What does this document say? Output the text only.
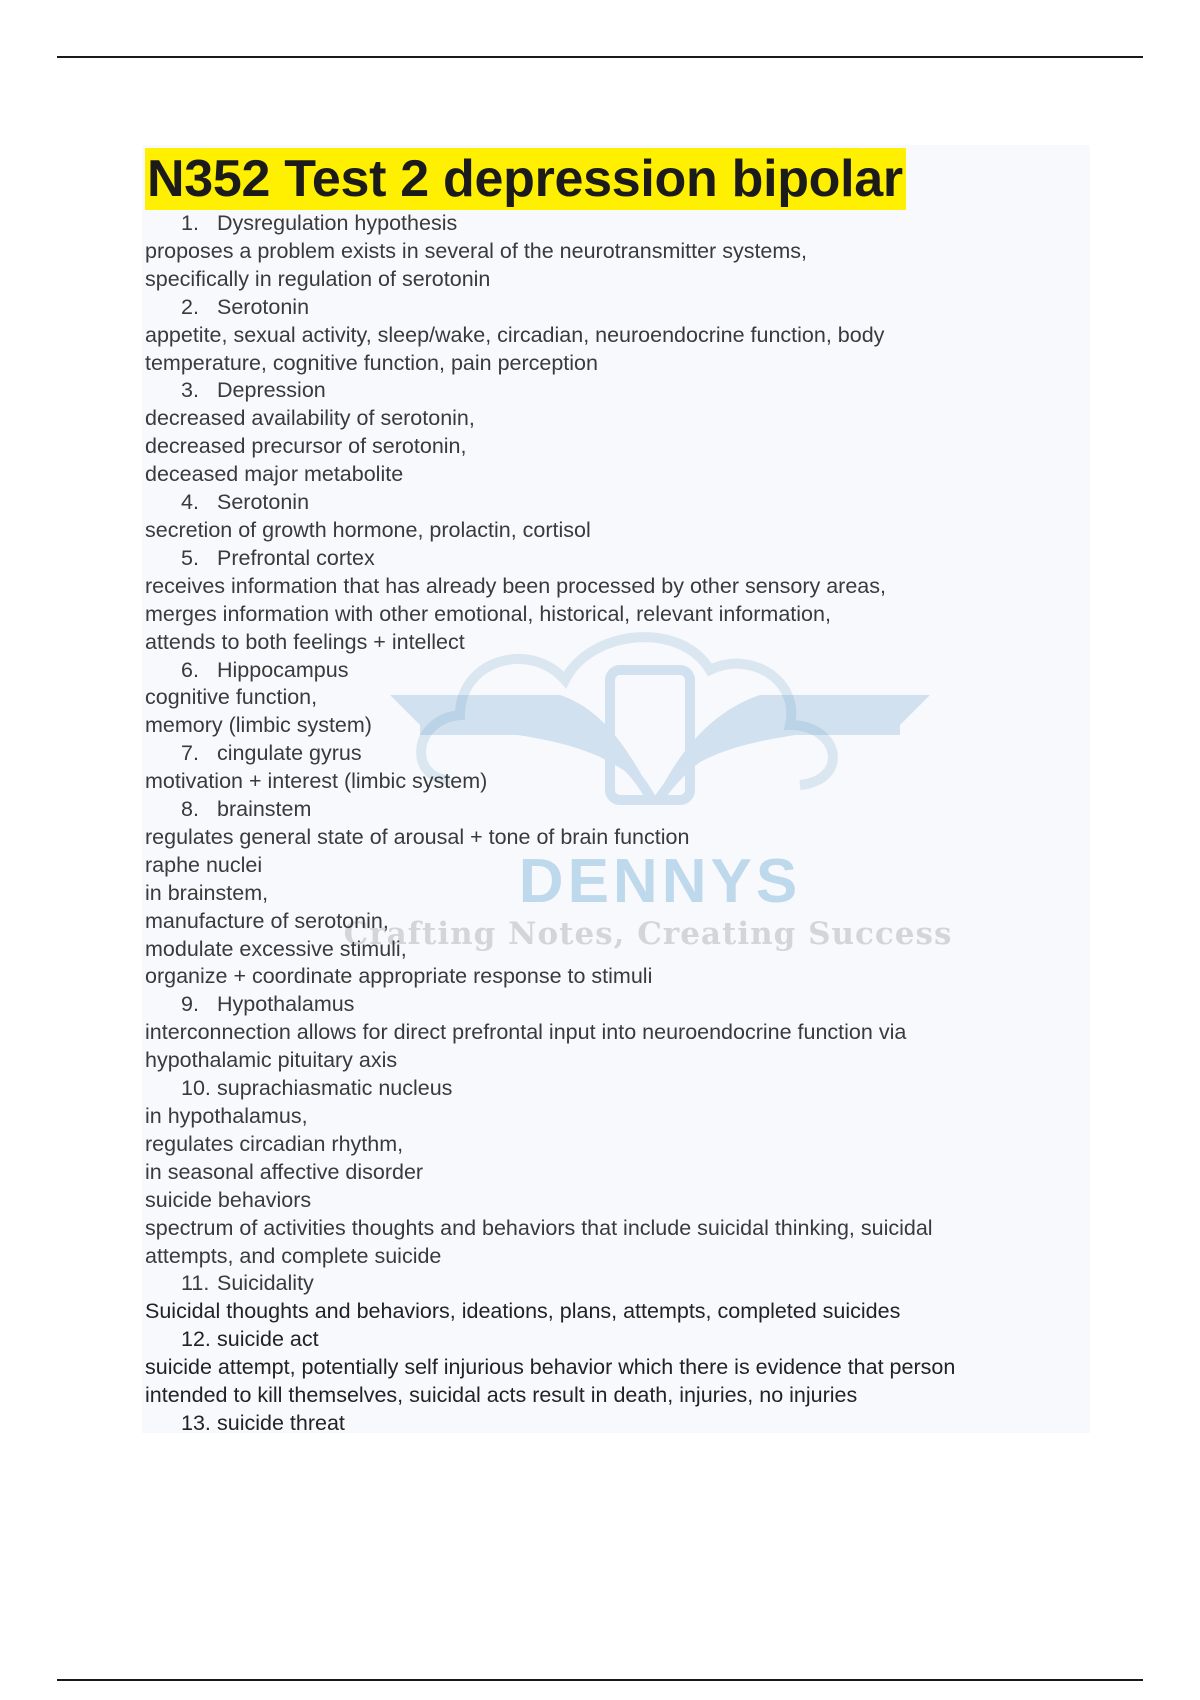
DENNYS
Crafting Notes, Creating Success
N352 Test 2 depression bipolar
1. Dysregulation hypothesis
proposes a problem exists in several of the neurotransmitter systems,
specifically in regulation of serotonin
2. Serotonin
appetite, sexual activity, sleep/wake, circadian, neuroendocrine function, body
temperature, cognitive function, pain perception
3. Depression
decreased availability of serotonin,
decreased precursor of serotonin,
deceased major metabolite
4. Serotonin
secretion of growth hormone, prolactin, cortisol
5. Prefrontal cortex
receives information that has already been processed by other sensory areas,
merges information with other emotional, historical, relevant information,
attends to both feelings + intellect
6. Hippocampus
cognitive function,
memory (limbic system)
7. cingulate gyrus
motivation + interest (limbic system)
8. brainstem
regulates general state of arousal + tone of brain function
raphe nuclei
in brainstem,
manufacture of serotonin,
modulate excessive stimuli,
organize + coordinate appropriate response to stimuli
9. Hypothalamus
interconnection allows for direct prefrontal input into neuroendocrine function via
hypothalamic pituitary axis
10. suprachiasmatic nucleus
in hypothalamus,
regulates circadian rhythm,
in seasonal affective disorder
suicide behaviors
spectrum of activities thoughts and behaviors that include suicidal thinking, suicidal
attempts, and complete suicide
11. Suicidality
Suicidal thoughts and behaviors, ideations, plans, attempts, completed suicides
12. suicide act
suicide attempt, potentially self injurious behavior which there is evidence that person
intended to kill themselves, suicidal acts result in death, injuries, no injuries
13. suicide threat
